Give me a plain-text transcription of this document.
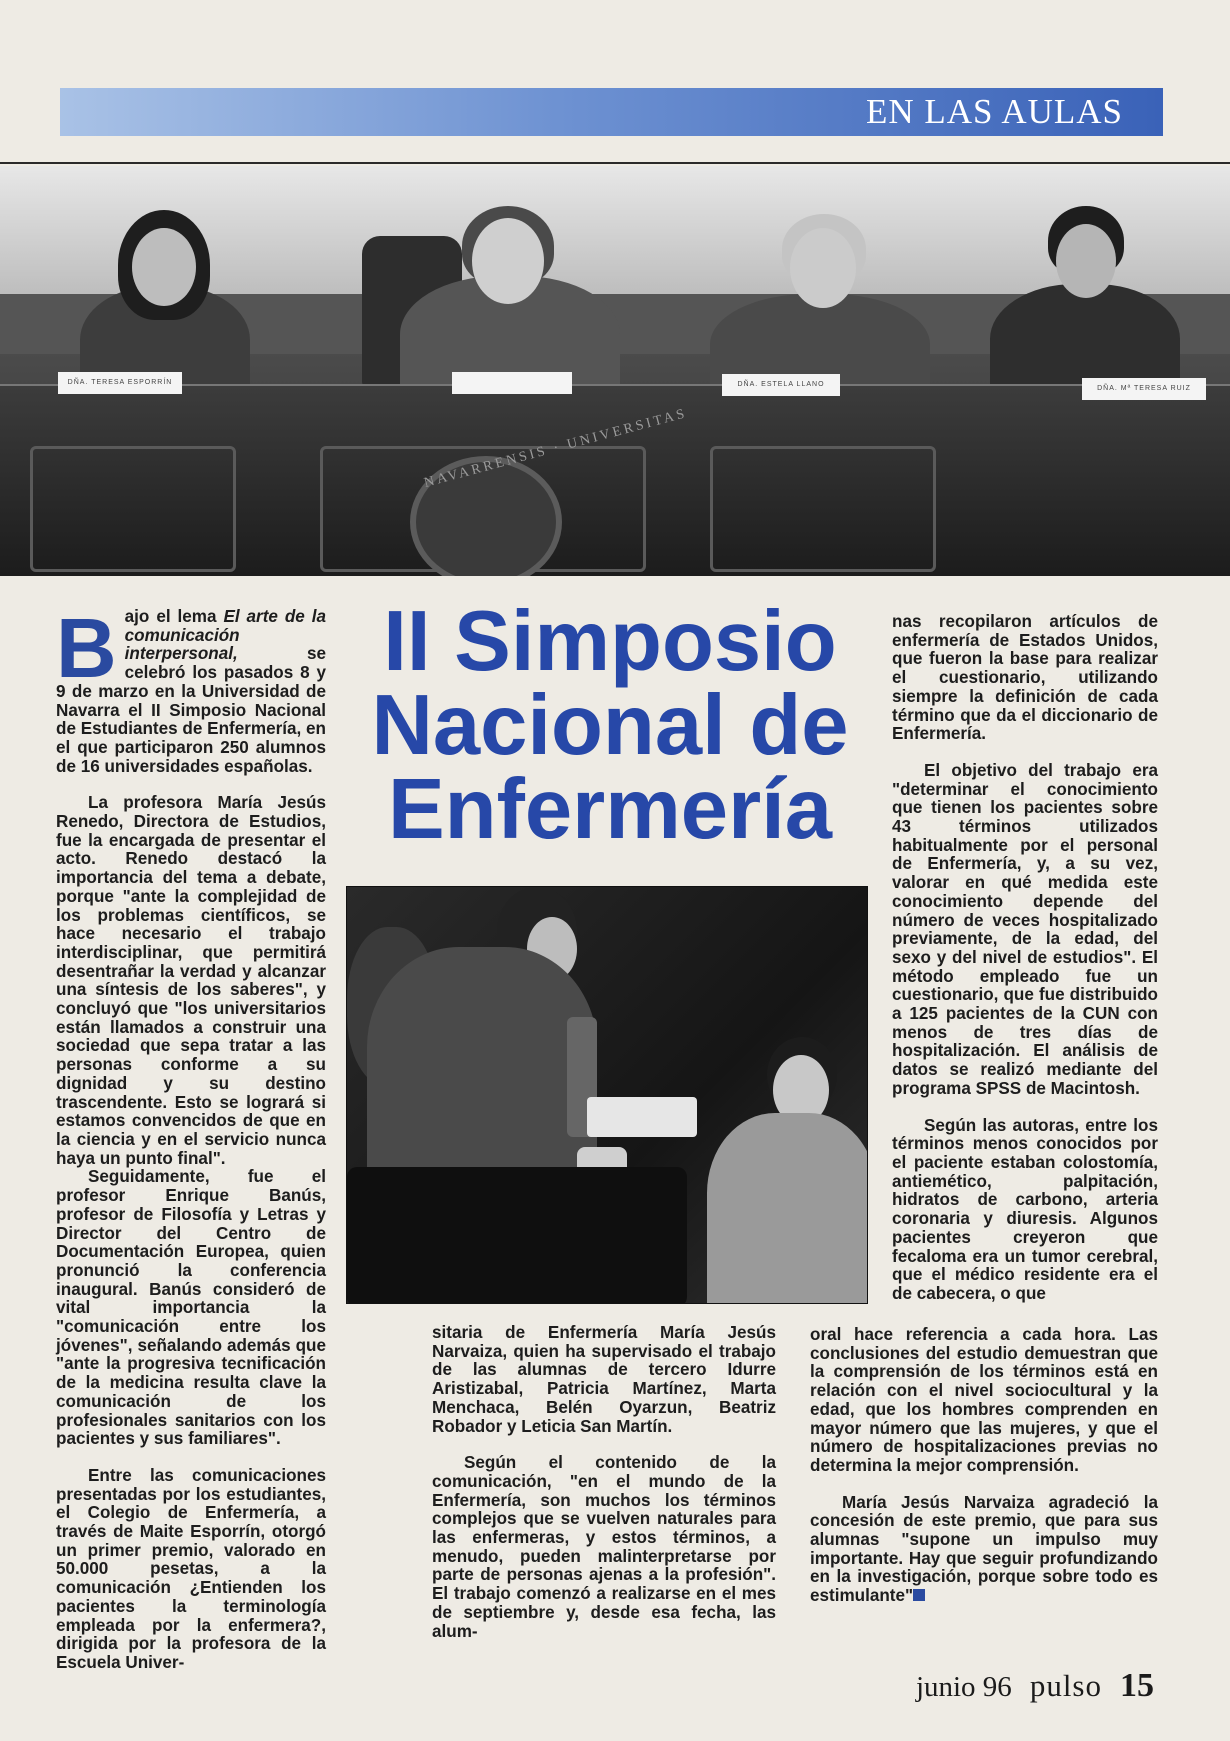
EN LAS AULAS
NAVARRENSIS · UNIVERSITAS
DÑA. TERESA ESPORRÍN	DÑA. ESTELA LLANO
DÑA. Mª TERESA RUIZ

Bajo el lema El arte de la comunicación interpersonal, se celebró los pasados 8 y 9 de marzo en la Universidad de Navarra el II Simposio Nacional de Estudiantes de Enfermería, en el que participaron 250 alumnos de 16 universidades españolas.

La profesora María Jesús Renedo, Directora de Estudios, fue la encargada de presentar el acto. Renedo destacó la importancia del tema a debate, porque "ante la complejidad de los problemas científicos, se hace necesario el trabajo interdisciplinar, que permitirá desentrañar la verdad y alcanzar una síntesis de los saberes", y concluyó que "los universitarios están llamados a construir una sociedad que sepa tratar a las personas conforme a su dignidad y su destino trascendente. Esto se logrará si estamos convencidos de que en la ciencia y en el servicio nunca haya un punto final".

Seguidamente, fue el profesor Enrique Banús, profesor de Filosofía y Letras y Director del Centro de Documentación Europea, quien pronunció la conferencia inaugural. Banús consideró de vital importancia la "comunicación entre los jóvenes", señalando además que "ante la progresiva tecnificación de la medicina resulta clave la comunicación de los profesionales sanitarios con los pacientes y sus familiares".

Entre las comunicaciones presentadas por los estudiantes, el Colegio de Enfermería, a través de Maite Esporrín, otorgó un primer premio, valorado en 50.000 pesetas, a la comunicación ¿Entienden los pacientes la terminología empleada por la enfermera?, dirigida por la profesora de la Escuela Univer-

II Simposio
Nacional de
Enfermería

sitaria de Enfermería María Jesús Narvaiza, quien ha supervisado el trabajo de las alumnas de tercero Idurre Aristizabal, Patricia Martínez, Marta Menchaca, Belén Oyarzun, Beatriz Robador y Leticia San Martín.

Según el contenido de la comunicación, "en el mundo de la Enfermería, son muchos los términos complejos que se vuelven naturales para las enfermeras, y estos términos, a menudo, pueden malinterpretarse por parte de personas ajenas a la profesión". El trabajo comenzó a realizarse en el mes de septiembre y, desde esa fecha, las alum-

nas recopilaron artículos de enfermería de Estados Unidos, que fueron la base para realizar el cuestionario, utilizando siempre la definición de cada término que da el diccionario de Enfermería.

El objetivo del trabajo era "determinar el conocimiento que tienen los pacientes sobre 43 términos utilizados habitualmente por el personal de Enfermería, y, a su vez, valorar en qué medida este conocimiento depende del número de veces hospitalizado previamente, de la edad, del sexo y del nivel de estudios". El método empleado fue un cuestionario, que fue distribuido a 125 pacientes de la CUN con menos de tres días de hospitalización. El análisis de datos se realizó mediante del programa SPSS de Macintosh.

Según las autoras, entre los términos menos conocidos por el paciente estaban colostomía, antiemético, palpitación, hidratos de carbono, arteria coronaria y diuresis. Algunos pacientes creyeron que fecaloma era un tumor cerebral, que el médico residente era el de cabecera, o que

oral hace referencia a cada hora. Las conclusiones del estudio demuestran que la comprensión de los términos está en relación con el nivel sociocultural y la edad, que los hombres comprenden en mayor número que las mujeres, y que el número de hospitalizaciones previas no determina la mejor comprensión.

María Jesús Narvaiza agradeció la concesión de este premio, que para sus alumnas "supone un impulso muy importante. Hay que seguir profundizando en la investigación, porque sobre todo es estimulante"

junio 96 pulso 15
